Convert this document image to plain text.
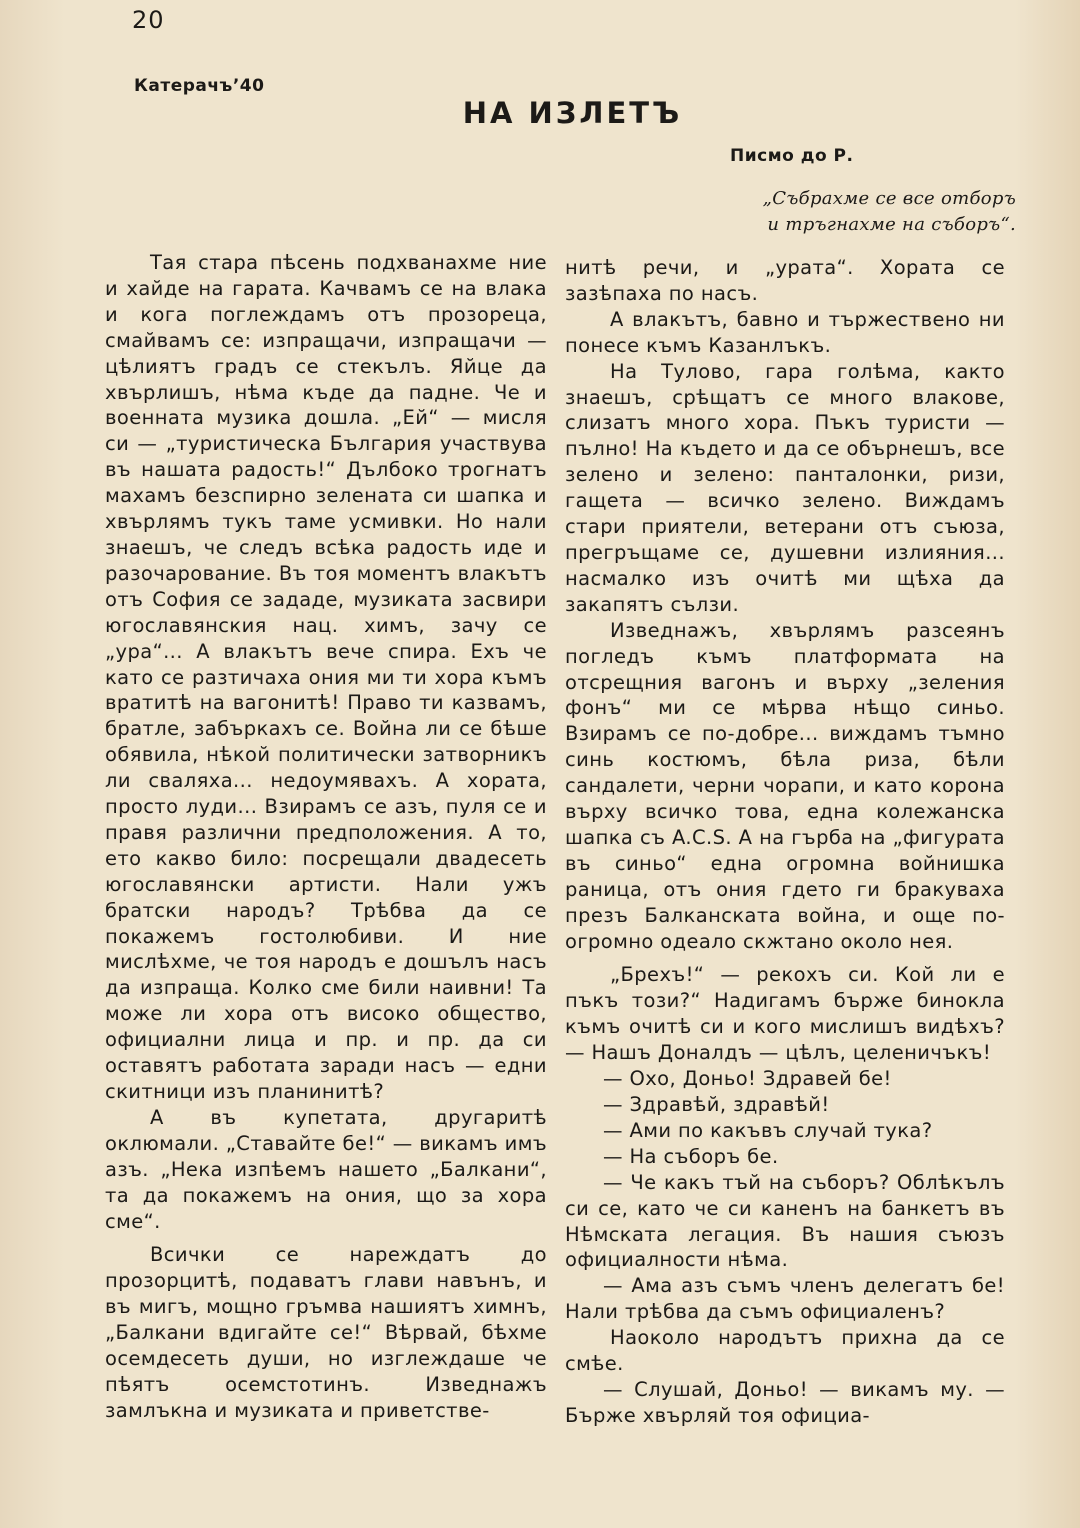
20
Катерачъ’40
НА ИЗЛЕТЪ
Писмо до Р.
„Събрахме се все отборъ
и тръгнахме на съборъ“.

Тая стара пѣсень подхванахме ние и хайде на гарата. Качвамъ се на влака и кога поглеждамъ отъ прозореца, смайвамъ се: изпращачи, изпращачи — цѣлиятъ градъ се стекълъ. Яйце да хвърлишъ, нѣма къде да падне. Че и военната музика дошла. „Ей“ — мисля си — „туристическа България участвува въ нашата радость!“ Дълбоко трогнатъ махамъ безспирно зелената си шапка и хвърлямъ тукъ таме усмивки. Но нали знаешъ, че следъ всѣка радость иде и разочарование. Въ тоя моментъ влакътъ отъ София се зададе, музиката засвири югославянския нац. химъ, зачу се „ура“... А влакътъ вече спира. Ехъ че като се разтичаха ония ми ти хора къмъ вратитѣ на вагонитѣ! Право ти казвамъ, братле, забъркахъ се. Война ли се бѣше обявила, нѣкой политически затворникъ ли сваляха... недоумявахъ. А хората, просто луди... Взирамъ се азъ, пуля се и правя различни предположения. А то, ето какво било: посрещали двадесеть югославянски артисти. Нали ужъ братски народъ? Трѣбва да се покажемъ гостолюбиви. И ние мислѣхме, че тоя народъ е дошълъ насъ да изпраща. Колко сме били наивни! Та може ли хора отъ високо общество, официални лица и пр. и пр. да си оставятъ работата заради насъ — едни скитници изъ планинитѣ?

А въ купетата, другаритѣ оклюмали. „Ставайте бе!“ — викамъ имъ азъ. „Нека изпѣемъ нашето „Балкани“, та да покажемъ на ония, що за хора сме“.

Всички се нареждатъ до прозорцитѣ, подаватъ глави навънъ, и въ мигъ, мощно гръмва нашиятъ химнъ, „Балкани вдигайте се!“ Вѣрвай, бѣхме осемдесеть души, но изглеждаше че пѣятъ осемстотинъ. Изведнажъ замлъкна и музиката и приветстве-

нитѣ речи, и „урата“. Хората се зазѣпаха по насъ.

А влакътъ, бавно и тържествено ни понесе къмъ Казанлъкъ.

На Тулово, гара голѣма, както знаешъ, срѣщатъ се много влакове, слизатъ много хора. Пъкъ туристи — пълно! На където и да се обърнешъ, все зелено и зелено: панталонки, ризи, гащета — всичко зелено. Виждамъ стари приятели, ветерани отъ съюза, прегръщаме се, душевни излияния... насмалко изъ очитѣ ми щѣха да закапятъ сълзи.

Изведнажъ, хвърлямъ разсеянъ погледъ къмъ платформата на отсрещния вагонъ и върху „зеления фонъ“ ми се мѣрва нѣщо синьо. Взирамъ се по-добре... виждамъ тъмно синь костюмъ, бѣла риза, бѣли сандалети, черни чорапи, и като корона върху всичко това, една колежанска шапка съ A.C.S. А на гърба на „фигурата въ синьо“ една огромна войнишка раница, отъ ония гдето ги бракуваха презъ Балканската война, и още по-огромно одеало скжтано около нея.

„Брехъ!“ — рекохъ си. Кой ли е пъкъ този?“ Надигамъ бърже бинокла къмъ очитѣ си и кого мислишъ видѣхъ? — Нашъ Доналдъ — цѣлъ, целеничъкъ!

— Охо, Доньо! Здравей бе!

— Здравѣй, здравѣй!

— Ами по какъвъ случай тука?

— На съборъ бе.

— Че какъ тъй на съборъ? Облѣкълъ си се, като че си каненъ на банкетъ въ Нѣмската легация. Въ нашия съюзъ официалности нѣма.

— Ама азъ съмъ членъ делегатъ бе! Нали трѣбва да съмъ официаленъ?

Наоколо народътъ прихна да се смѣе.

— Слушай, Доньо! — викамъ му. — Бърже хвърляй тоя официа-
